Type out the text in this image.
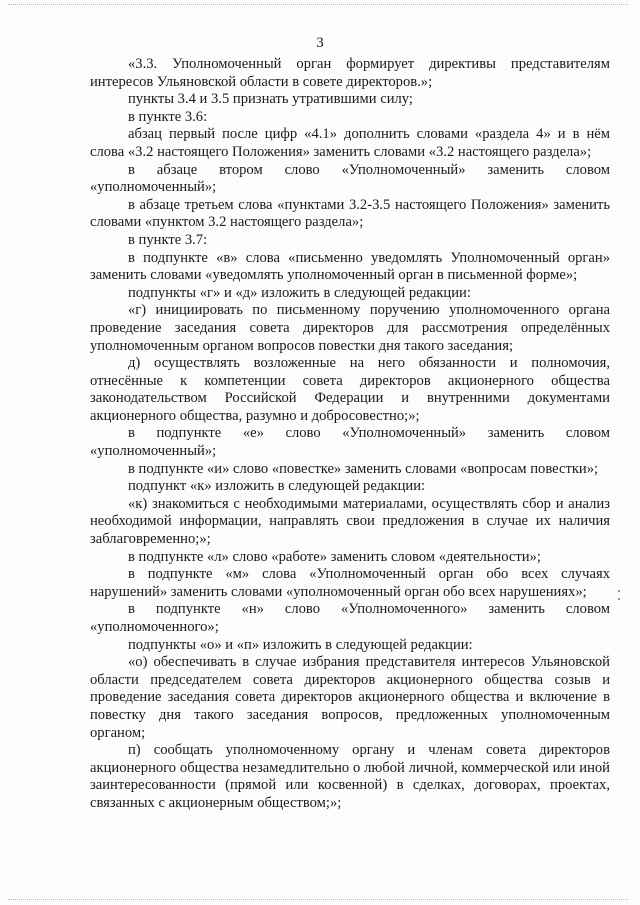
3

«3.3. Уполномоченный орган формирует директивы представителям интересов Ульяновской области в совете директоров.»;

пункты 3.4 и 3.5 признать утратившими силу;

в пункте 3.6:

абзац первый после цифр «4.1» дополнить словами «раздела 4» и в нём слова «3.2 настоящего Положения» заменить словами «3.2 настоящего раздела»;

в абзаце втором слово «Уполномоченный» заменить словом «уполномоченный»;

в абзаце третьем слова «пунктами 3.2-3.5 настоящего Положения» заменить словами «пунктом 3.2 настоящего раздела»;

в пункте 3.7:

в подпункте «в» слова «письменно уведомлять Уполномоченный орган» заменить словами «уведомлять уполномоченный орган в письменной форме»;

подпункты «г» и «д» изложить в следующей редакции:

«г) инициировать по письменному поручению уполномоченного органа проведение заседания совета директоров для рассмотрения определённых уполномоченным органом вопросов повестки дня такого заседания;

д) осуществлять возложенные на него обязанности и полномочия, отнесённые к компетенции совета директоров акционерного общества законодательством Российской Федерации и внутренними документами акционерного общества, разумно и добросовестно;»;

в подпункте «е» слово «Уполномоченный» заменить словом «уполномоченный»;

в подпункте «и» слово «повестке» заменить словами «вопросам повестки»;

подпункт «к» изложить в следующей редакции:

«к) знакомиться с необходимыми материалами, осуществлять сбор и анализ необходимой информации, направлять свои предложения в случае их наличия заблаговременно;»;

в подпункте «л» слово «работе» заменить словом «деятельности»;

в подпункте «м» слова «Уполномоченный орган обо всех случаях нарушений» заменить словами «уполномоченный орган обо всех нарушениях»;

в подпункте «н» слово «Уполномоченного» заменить словом «уполномоченного»;

подпункты «о» и «п» изложить в следующей редакции:

«о) обеспечивать в случае избрания представителя интересов Ульяновской области председателем совета директоров акционерного общества созыв и проведение заседания совета директоров акционерного общества и включение в повестку дня такого заседания вопросов, предложенных уполномоченным органом;

п) сообщать уполномоченному органу и членам совета директоров акционерного общества незамедлительно о любой личной, коммерческой или иной заинтересованности (прямой или косвенной) в сделках, договорах, проектах, связанных с акционерным обществом;»;
